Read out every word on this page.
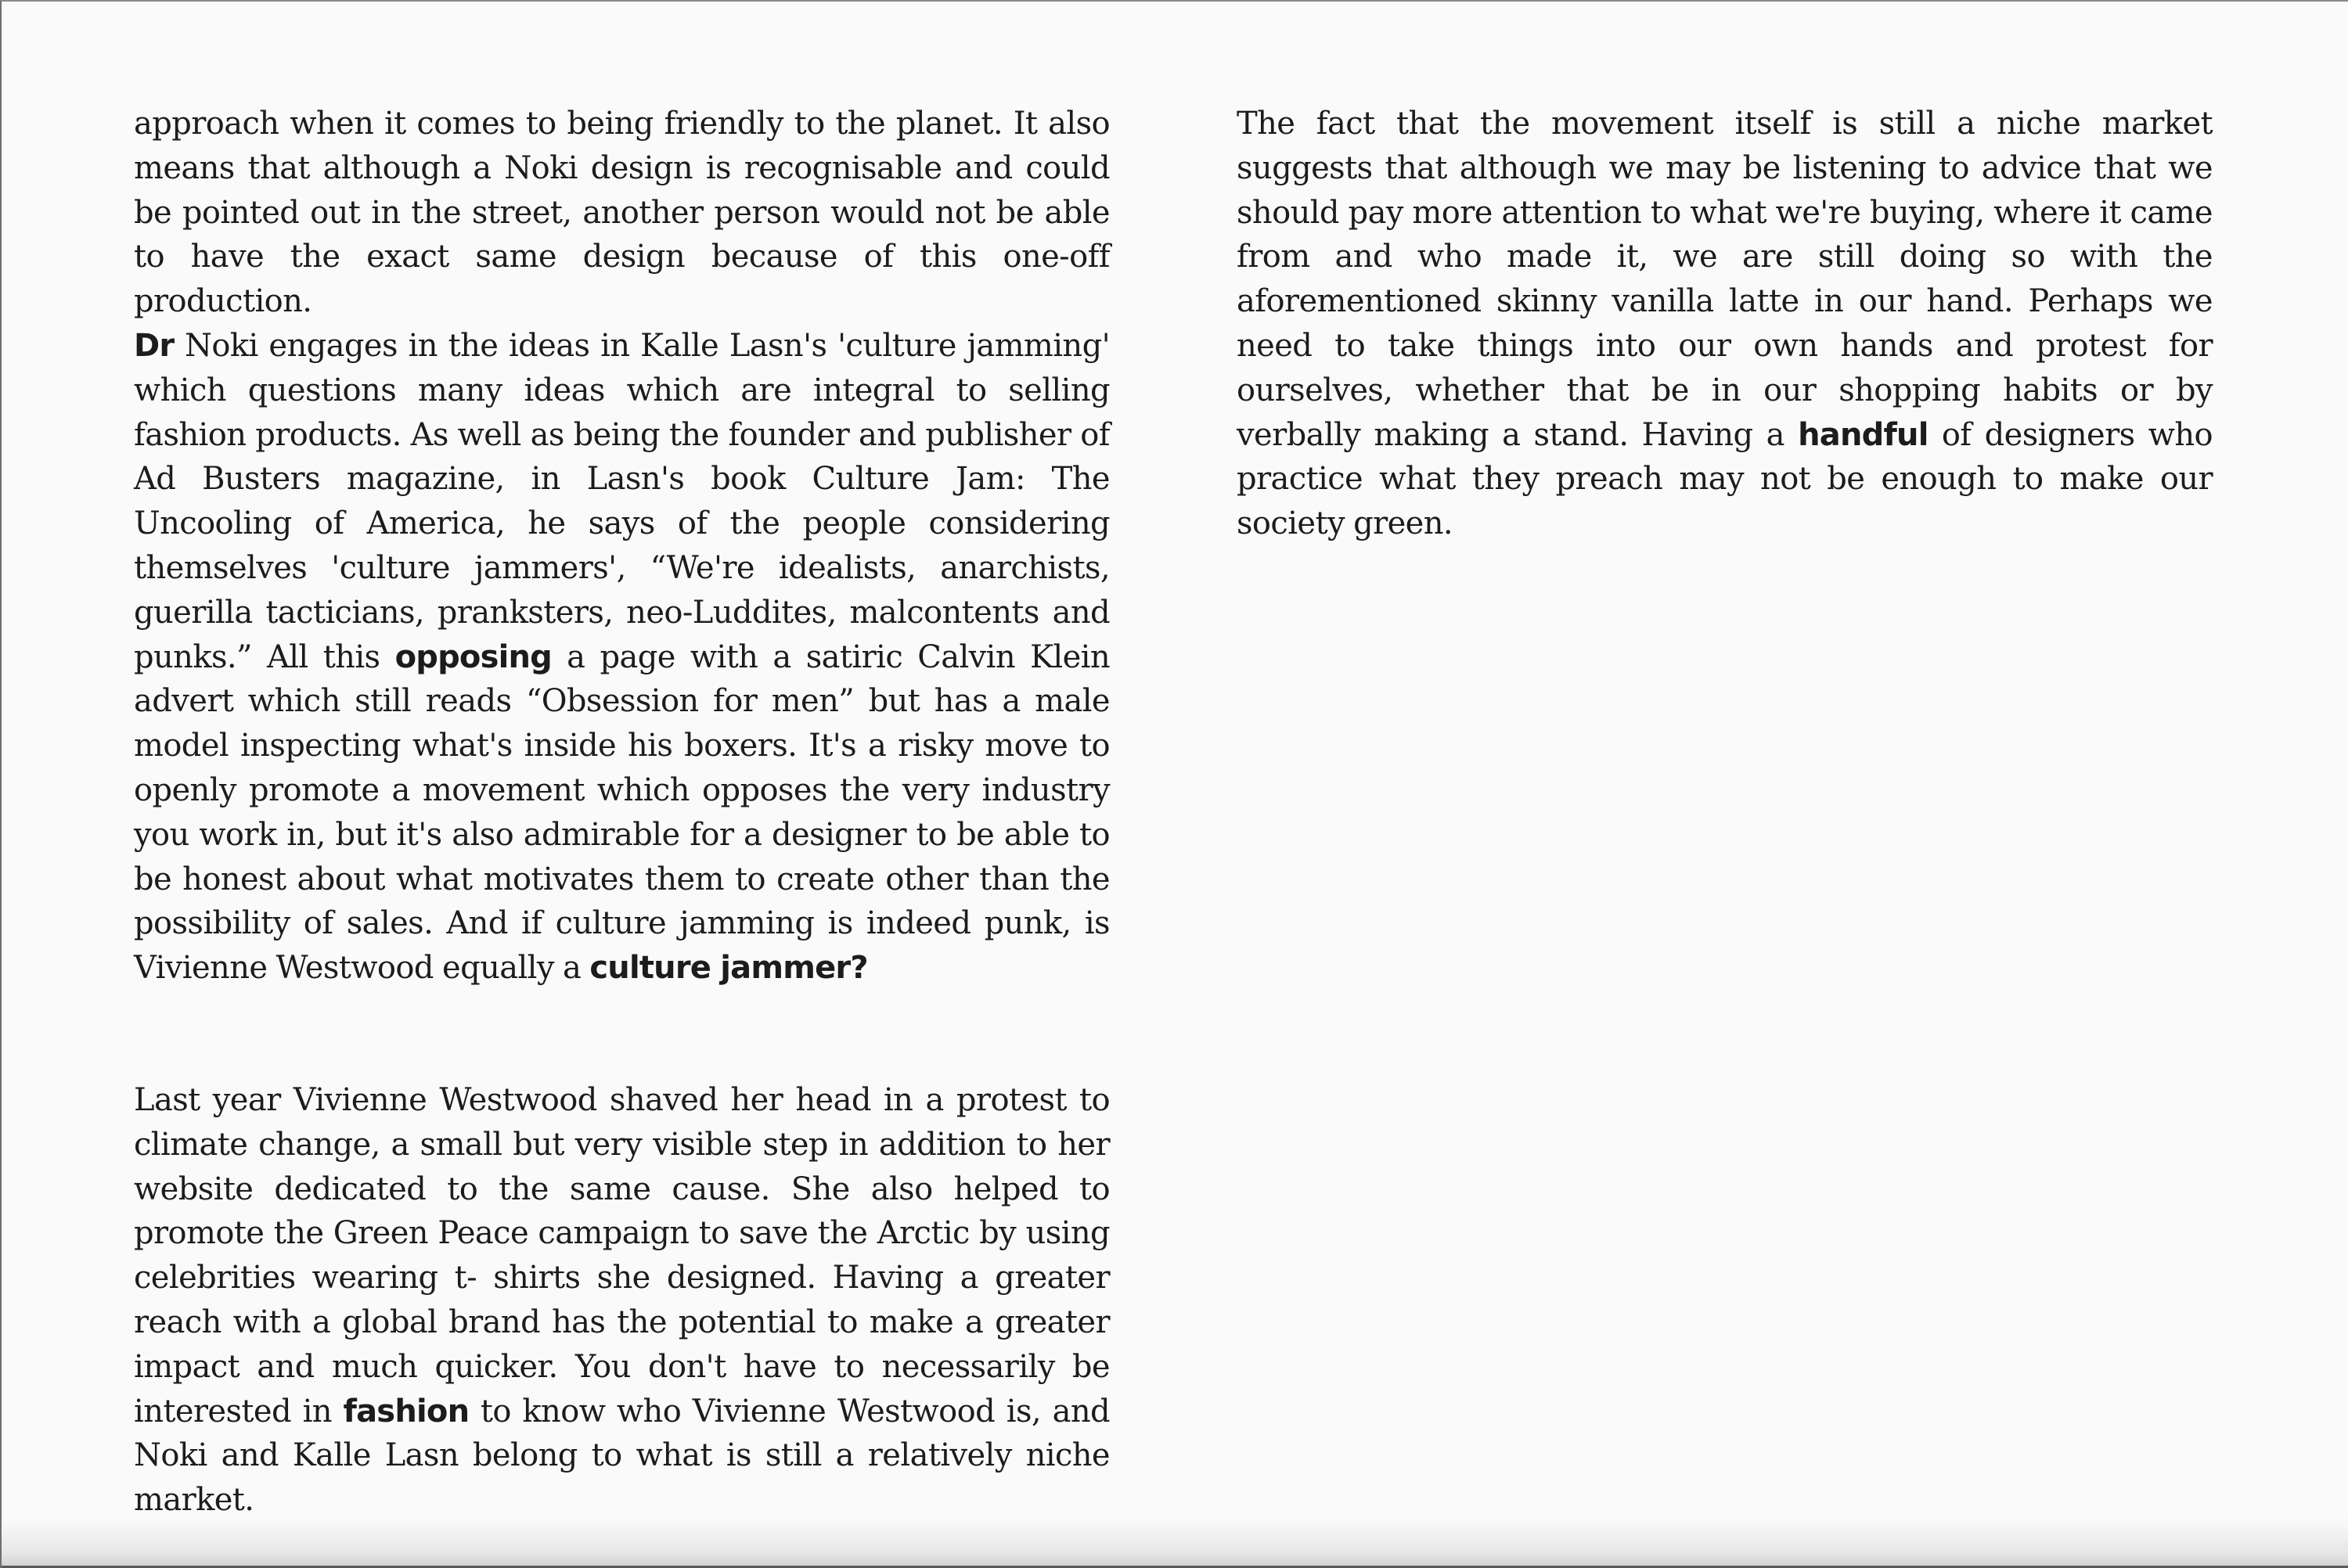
approach when it comes to being friendly to the planet. It also means that although a Noki design is recognisable and could be pointed out in the street, another person would not be able to have the exact same design because of this one-off production.

Dr Noki engages in the ideas in Kalle Lasn's 'culture jamming' which questions many ideas which are integral to selling fashion products. As well as being the founder and publisher of Ad Busters magazine, in Lasn's book Culture Jam: The Uncooling of America, he says of the people considering themselves 'culture jammers', “We're idealists, anarchists, guerilla tacticians, pranksters, neo-Luddites, malcontents and punks.” All this opposing a page with a satiric Calvin Klein advert which still reads “Obsession for men” but has a male model inspecting what's inside his boxers. It's a risky move to openly promote a movement which opposes the very industry you work in, but it's also admirable for a designer to be able to be honest about what motivates them to create other than the possibility of sales. And if culture jamming is indeed punk, is Vivienne Westwood equally a culture jammer?

Last year Vivienne Westwood shaved her head in a protest to climate change, a small but very visible step in addition to her website dedicated to the same cause. She also helped to promote the Green Peace campaign to save the Arctic by using celebrities wearing t- shirts she designed. Having a greater reach with a global brand has the potential to make a greater impact and much quicker. You don't have to necessarily be interested in fashion to know who Vivienne Westwood is, and Noki and Kalle Lasn belong to what is still a relatively niche market.

The fact that the movement itself is still a niche market suggests that although we may be listening to advice that we should pay more attention to what we're buying, where it came from and who made it, we are still doing so with the aforementioned skinny vanilla latte in our hand. Perhaps we need to take things into our own hands and protest for ourselves, whether that be in our shopping habits or by verbally making a stand. Having a handful of designers who practice what they preach may not be enough to make our society green.
